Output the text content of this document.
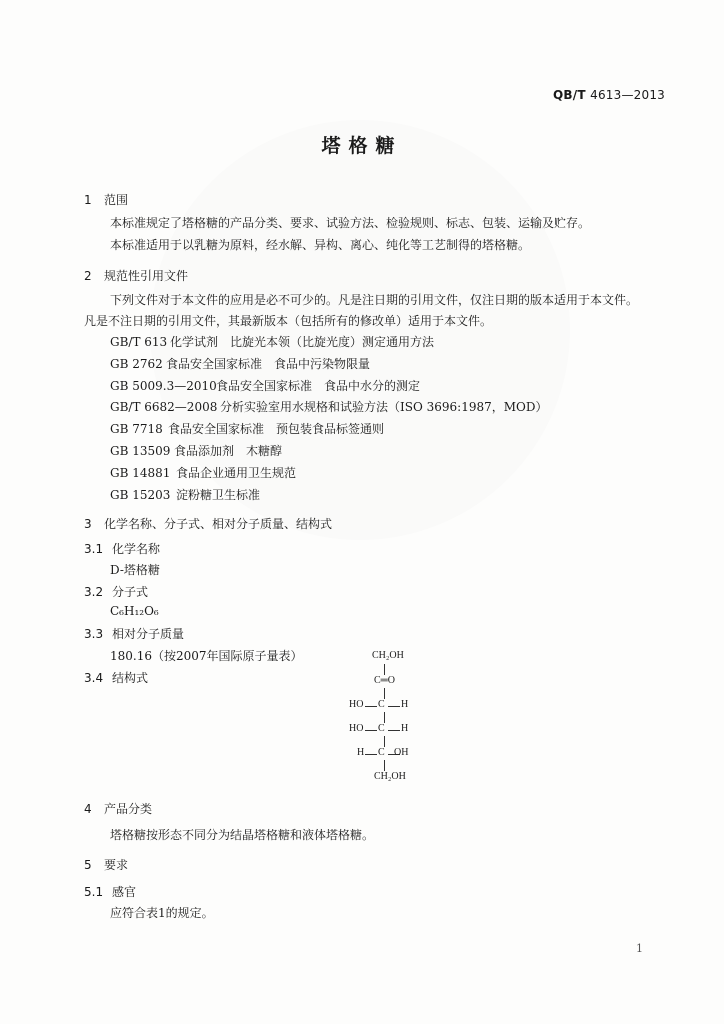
QB/T 4613—2013
塔格糖
1 范围
本标准规定了塔格糖的产品分类、要求、试验方法、检验规则、标志、包装、运输及贮存。
本标准适用于以乳糖为原料，经水解、异构、离心、纯化等工艺制得的塔格糖。
2 规范性引用文件
下列文件对于本文件的应用是必不可少的。凡是注日期的引用文件，仅注日期的版本适用于本文件。
凡是不注日期的引用文件，其最新版本（包括所有的修改单）适用于本文件。
GB/T 613 化学试剂　比旋光本领（比旋光度）测定通用方法
GB 2762 食品安全国家标准　食品中污染物限量
GB 5009.3—2010食品安全国家标准　食品中水分的测定
GB/T 6682—2008 分析实验室用水规格和试验方法（ISO 3696:1987，MOD）
GB 7718 食品安全国家标准　预包装食品标签通则
GB 13509 食品添加剂　木糖醇
GB 14881 食品企业通用卫生规范
GB 15203 淀粉糖卫生标准
3 化学名称、分子式、相对分子质量、结构式
3.1 化学名称
D-塔格糖
3.2 分子式
C₆H₁₂O₆
3.3 相对分子质量
180.16（按2007年国际原子量表）
3.4 结构式
CH₂OH
C═O
HO C H
HO C H
H C OH
CH₂OH
4 产品分类
塔格糖按形态不同分为结晶塔格糖和液体塔格糖。
5 要求
5.1 感官
应符合表1的规定。
1
